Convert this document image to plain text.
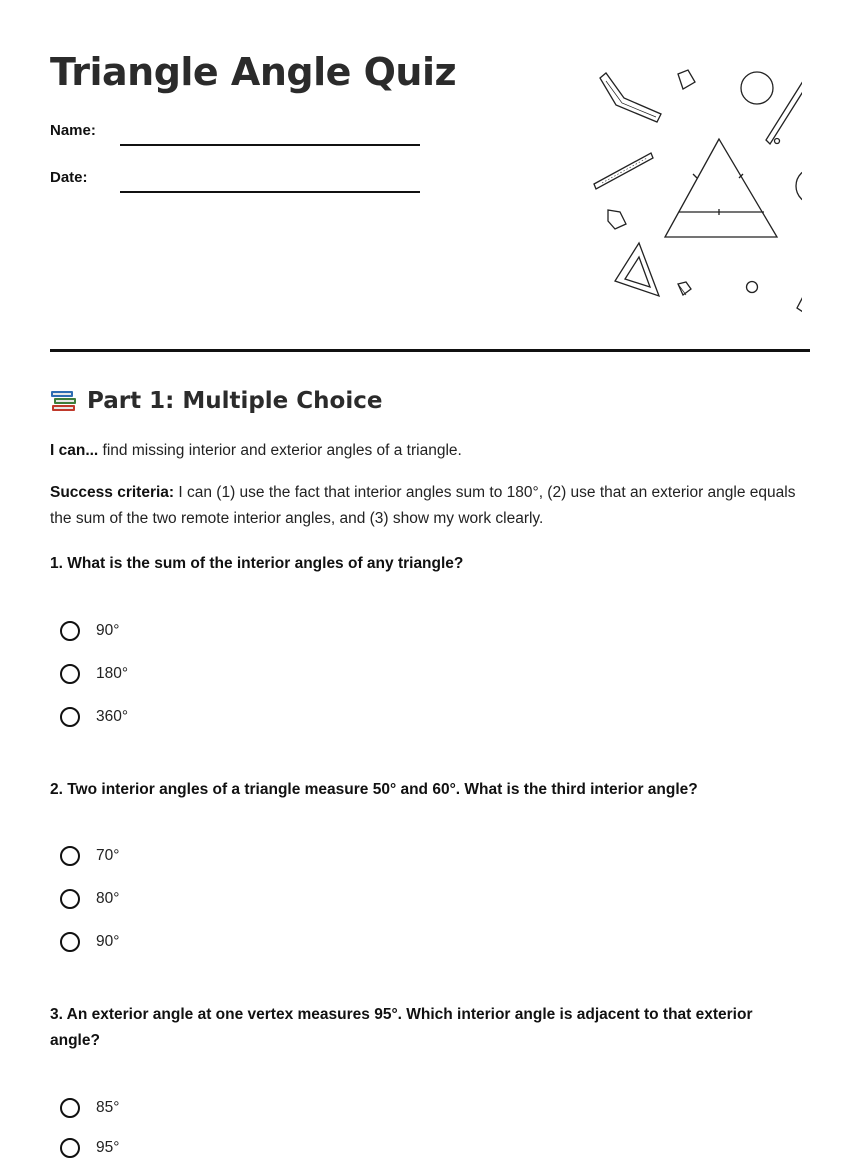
Triangle Angle Quiz
Name:
Date:
Part 1: Multiple Choice
I can... find missing interior and exterior angles of a triangle.
Success criteria: I can (1) use the fact that interior angles sum to 180°, (2) use that an exterior angle equals the sum of the two remote interior angles, and (3) show my work clearly.
1. What is the sum of the interior angles of any triangle?
90°
180°
360°
2. Two interior angles of a triangle measure 50° and 60°. What is the third interior angle?
70°
80°
90°
3. An exterior angle at one vertex measures 95°. Which interior angle is adjacent to that exterior angle?
85°
95°
